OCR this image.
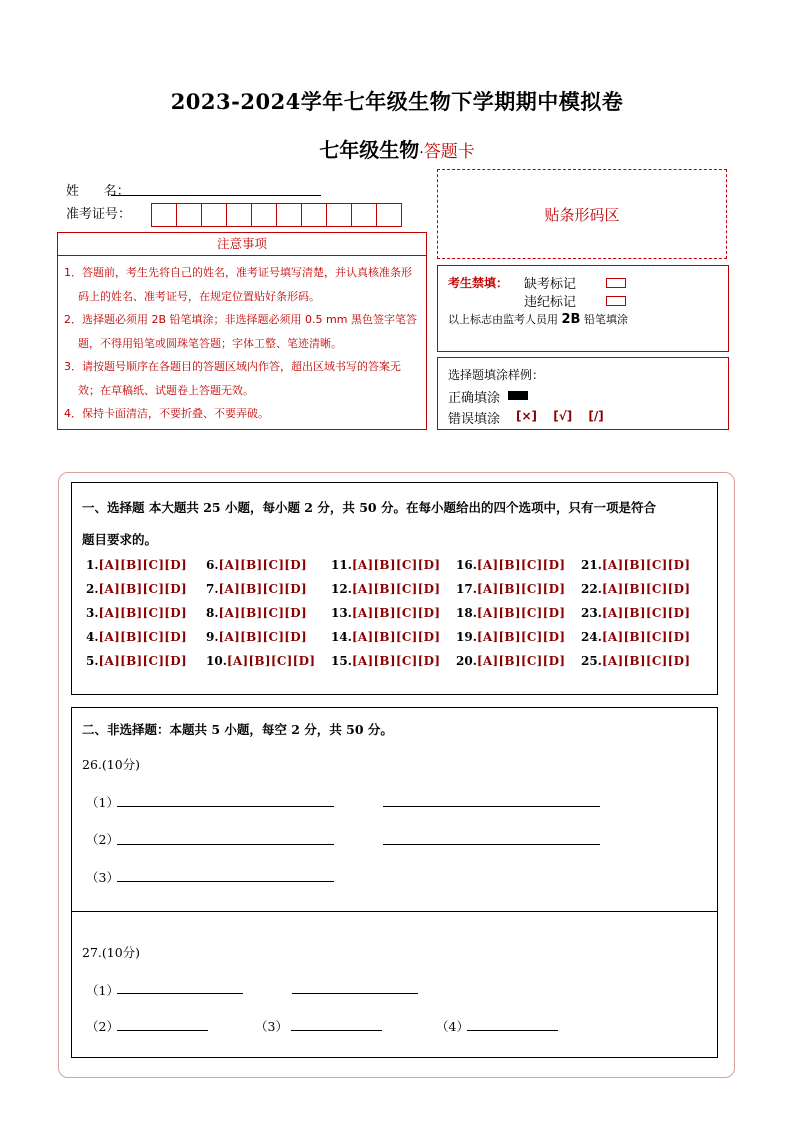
2023-2024学年七年级生物下学期期中模拟卷
七年级生物·答题卡
姓      名：
准考证号：	贴条形码区
注意事项
1．答题前，考生先将自己的姓名，准考证号填写清楚，并认真核准条形码上的姓名、准考证号，在规定位置贴好条形码。
2．选择题必须用 2B 铅笔填涂；非选择题必须用 0.5 mm 黑色签字笔答题，不得用铅笔或圆珠笔答题；字体工整、笔迹清晰。
3．请按题号顺序在各题目的答题区域内作答，超出区域书写的答案无效；在草稿纸、试题卷上答题无效。
4．保持卡面清洁，不要折叠、不要弄破。
考生禁填： 缺考标记
违纪标记
以上标志由监考人员用 2B 铅笔填涂
选择题填涂样例：
正确填涂
错误填涂 [×] [√] [/]
一、选择题 本大题共 25 小题，每小题 2 分，共 50 分。在每小题给出的四个选项中，只有一项是符合
题目要求的。
1.[A][B][C][D]	6.[A][B][C][D]	11.[A][B][C][D]	16.[A][B][C][D]	21.[A][B][C][D]
2.[A][B][C][D]	7.[A][B][C][D]	12.[A][B][C][D]	17.[A][B][C][D]	22.[A][B][C][D]
3.[A][B][C][D]	8.[A][B][C][D]	13.[A][B][C][D]	18.[A][B][C][D]	23.[A][B][C][D]
4.[A][B][C][D]	9.[A][B][C][D]	14.[A][B][C][D]	19.[A][B][C][D]	24.[A][B][C][D]
5.[A][B][C][D]	10.[A][B][C][D]	15.[A][B][C][D]	20.[A][B][C][D]	25.[A][B][C][D]
二、非选择题：本题共 5 小题，每空 2 分，共 50 分。
26.(10分)
（1）
（2）
（3）
27.(10分)
（1）
（2）	（3）	（4）
